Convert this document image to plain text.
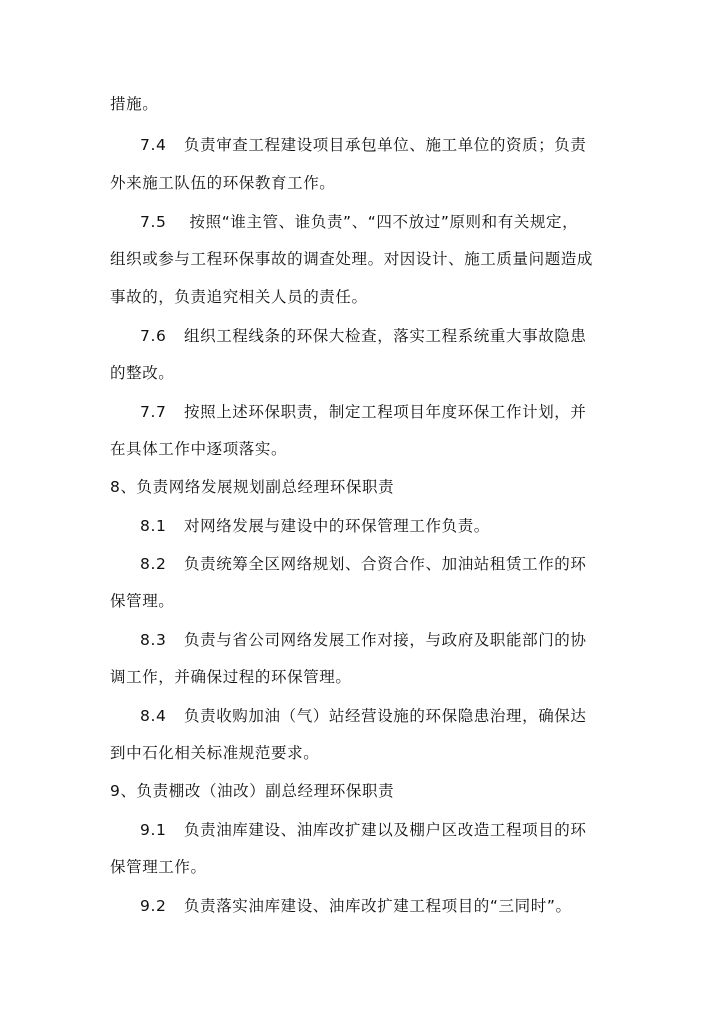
措施。
7.4 负责审查工程建设项目承包单位、施工单位的资质；负责
外来施工队伍的环保教育工作。
7.5 按照“谁主管、谁负责”、“四不放过”原则和有关规定，
组织或参与工程环保事故的调查处理。对因设计、施工质量问题造成
事故的，负责追究相关人员的责任。
7.6 组织工程线条的环保大检查，落实工程系统重大事故隐患
的整改。
7.7 按照上述环保职责，制定工程项目年度环保工作计划，并
在具体工作中逐项落实。
8、负责网络发展规划副总经理环保职责
8.1 对网络发展与建设中的环保管理工作负责。
8.2 负责统筹全区网络规划、合资合作、加油站租赁工作的环
保管理。
8.3 负责与省公司网络发展工作对接，与政府及职能部门的协
调工作，并确保过程的环保管理。
8.4 负责收购加油（气）站经营设施的环保隐患治理，确保达
到中石化相关标准规范要求。
9、负责棚改（油改）副总经理环保职责
9.1 负责油库建设、油库改扩建以及棚户区改造工程项目的环
保管理工作。
9.2 负责落实油库建设、油库改扩建工程项目的“三同时”。
